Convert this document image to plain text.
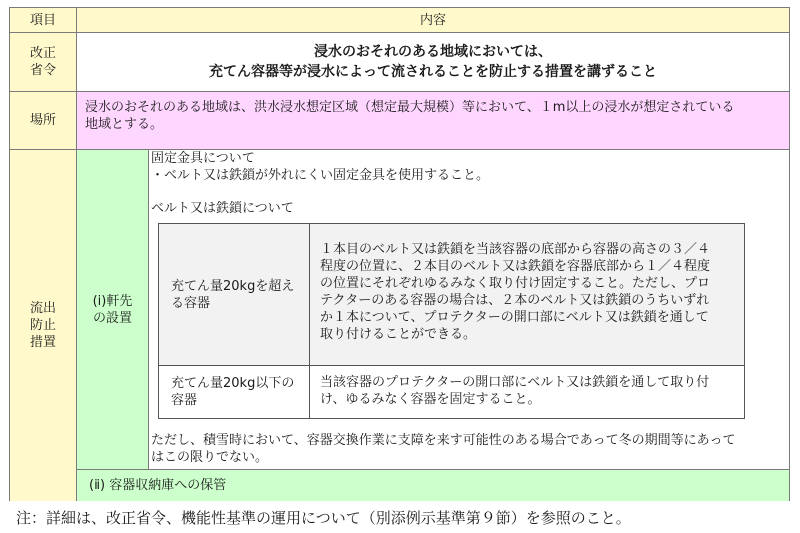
項目	内容
改正
省令
浸水のおそれのある地域においては、
充てん容器等が浸水によって流されることを防止する措置を講ずること
場所
浸水のおそれのある地域は、洪水浸水想定区域（想定最大規模）等において、１m以上の浸水が想定されている
地域とする。
流出
防止
措置
(i)軒先
の設置
(ⅱ) 容器収納庫への保管
固定金具について
・ベルト又は鉄鎖が外れにくい固定金具を使用すること。
ベルト又は鉄鎖について
充てん量20kgを超え
る容器
１本目のベルト又は鉄鎖を当該容器の底部から容器の高さの３／４
程度の位置に、２本目のベルト又は鉄鎖を容器底部から１／４程度
の位置にそれぞれゆるみなく取り付け固定すること。ただし、プロ
テクターのある容器の場合は、２本のベルト又は鉄鎖のうちいずれ
か１本について、プロテクターの開口部にベルト又は鉄鎖を通して
取り付けることができる。
充てん量20kg以下の
容器
当該容器のプロテクターの開口部にベルト又は鉄鎖を通して取り付
け、ゆるみなく容器を固定すること。
ただし、積雪時において、容器交換作業に支障を来す可能性のある場合であって冬の期間等にあって
はこの限りでない。
注：詳細は、改正省令、機能性基準の運用について（別添例示基準第９節）を参照のこと。
